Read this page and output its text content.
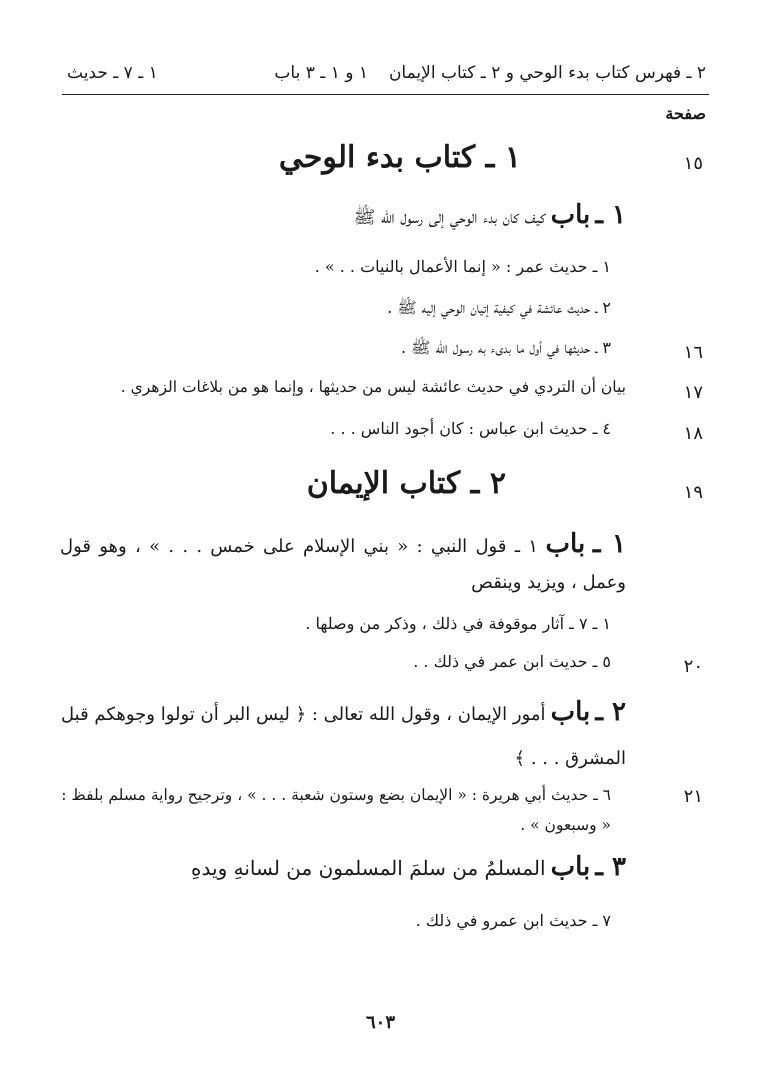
٢ ـ فهرس كتاب بدء الوحي و ٢ ـ كتاب الإيمان
١ و ١ ـ ٣ باب
١ ـ ٧ ـ حديث
صفحة
١٥
١ ـ كتاب بدء الوحي
١ ـ باب كيف كان بدء الوحي إلى رسول الله ﷺ
١ ـ حديث عمر : « إنما الأعمال بالنيات . . » .
٢ ـ حديث عائشة في كيفية إتيان الوحي إليه ﷺ .
١٦
٣ ـ حديثها في أول ما بدىء به رسول الله ﷺ .
١٧
بيان أن التردي في حديث عائشة ليس من حديثها ، وإنما هو من بلاغات الزهري .
١٨
٤ ـ حديث ابن عباس : كان أجود الناس . . .
١٩
٢ ـ كتاب الإيمان
١ ـ باب ١ ـ قول النبي : « بني الإسلام على خمس . . . » ، وهو قول وعمل ، ويزيد وينقص
١ ـ ٧ ـ آثار موقوفة في ذلك ، وذكر من وصلها .
٢٠
٥ ـ حديث ابن عمر في ذلك . .
٢ ـ باب أمور الإيمان ، وقول الله تعالى : ﴿ ليس البر أن تولوا وجوهكم قبل المشرق . . . ﴾
٢١
٦ ـ حديث أبي هريرة : « الإيمان بضع وستون شعبة . . . » ، وترجيح رواية مسلم بلفظ : « وسبعون » .
٣ ـ باب المسلمُ من سلمَ المسلمون من لسانهِ ويدهِ
٧ ـ حديث ابن عمرو في ذلك .
٦٠٣
